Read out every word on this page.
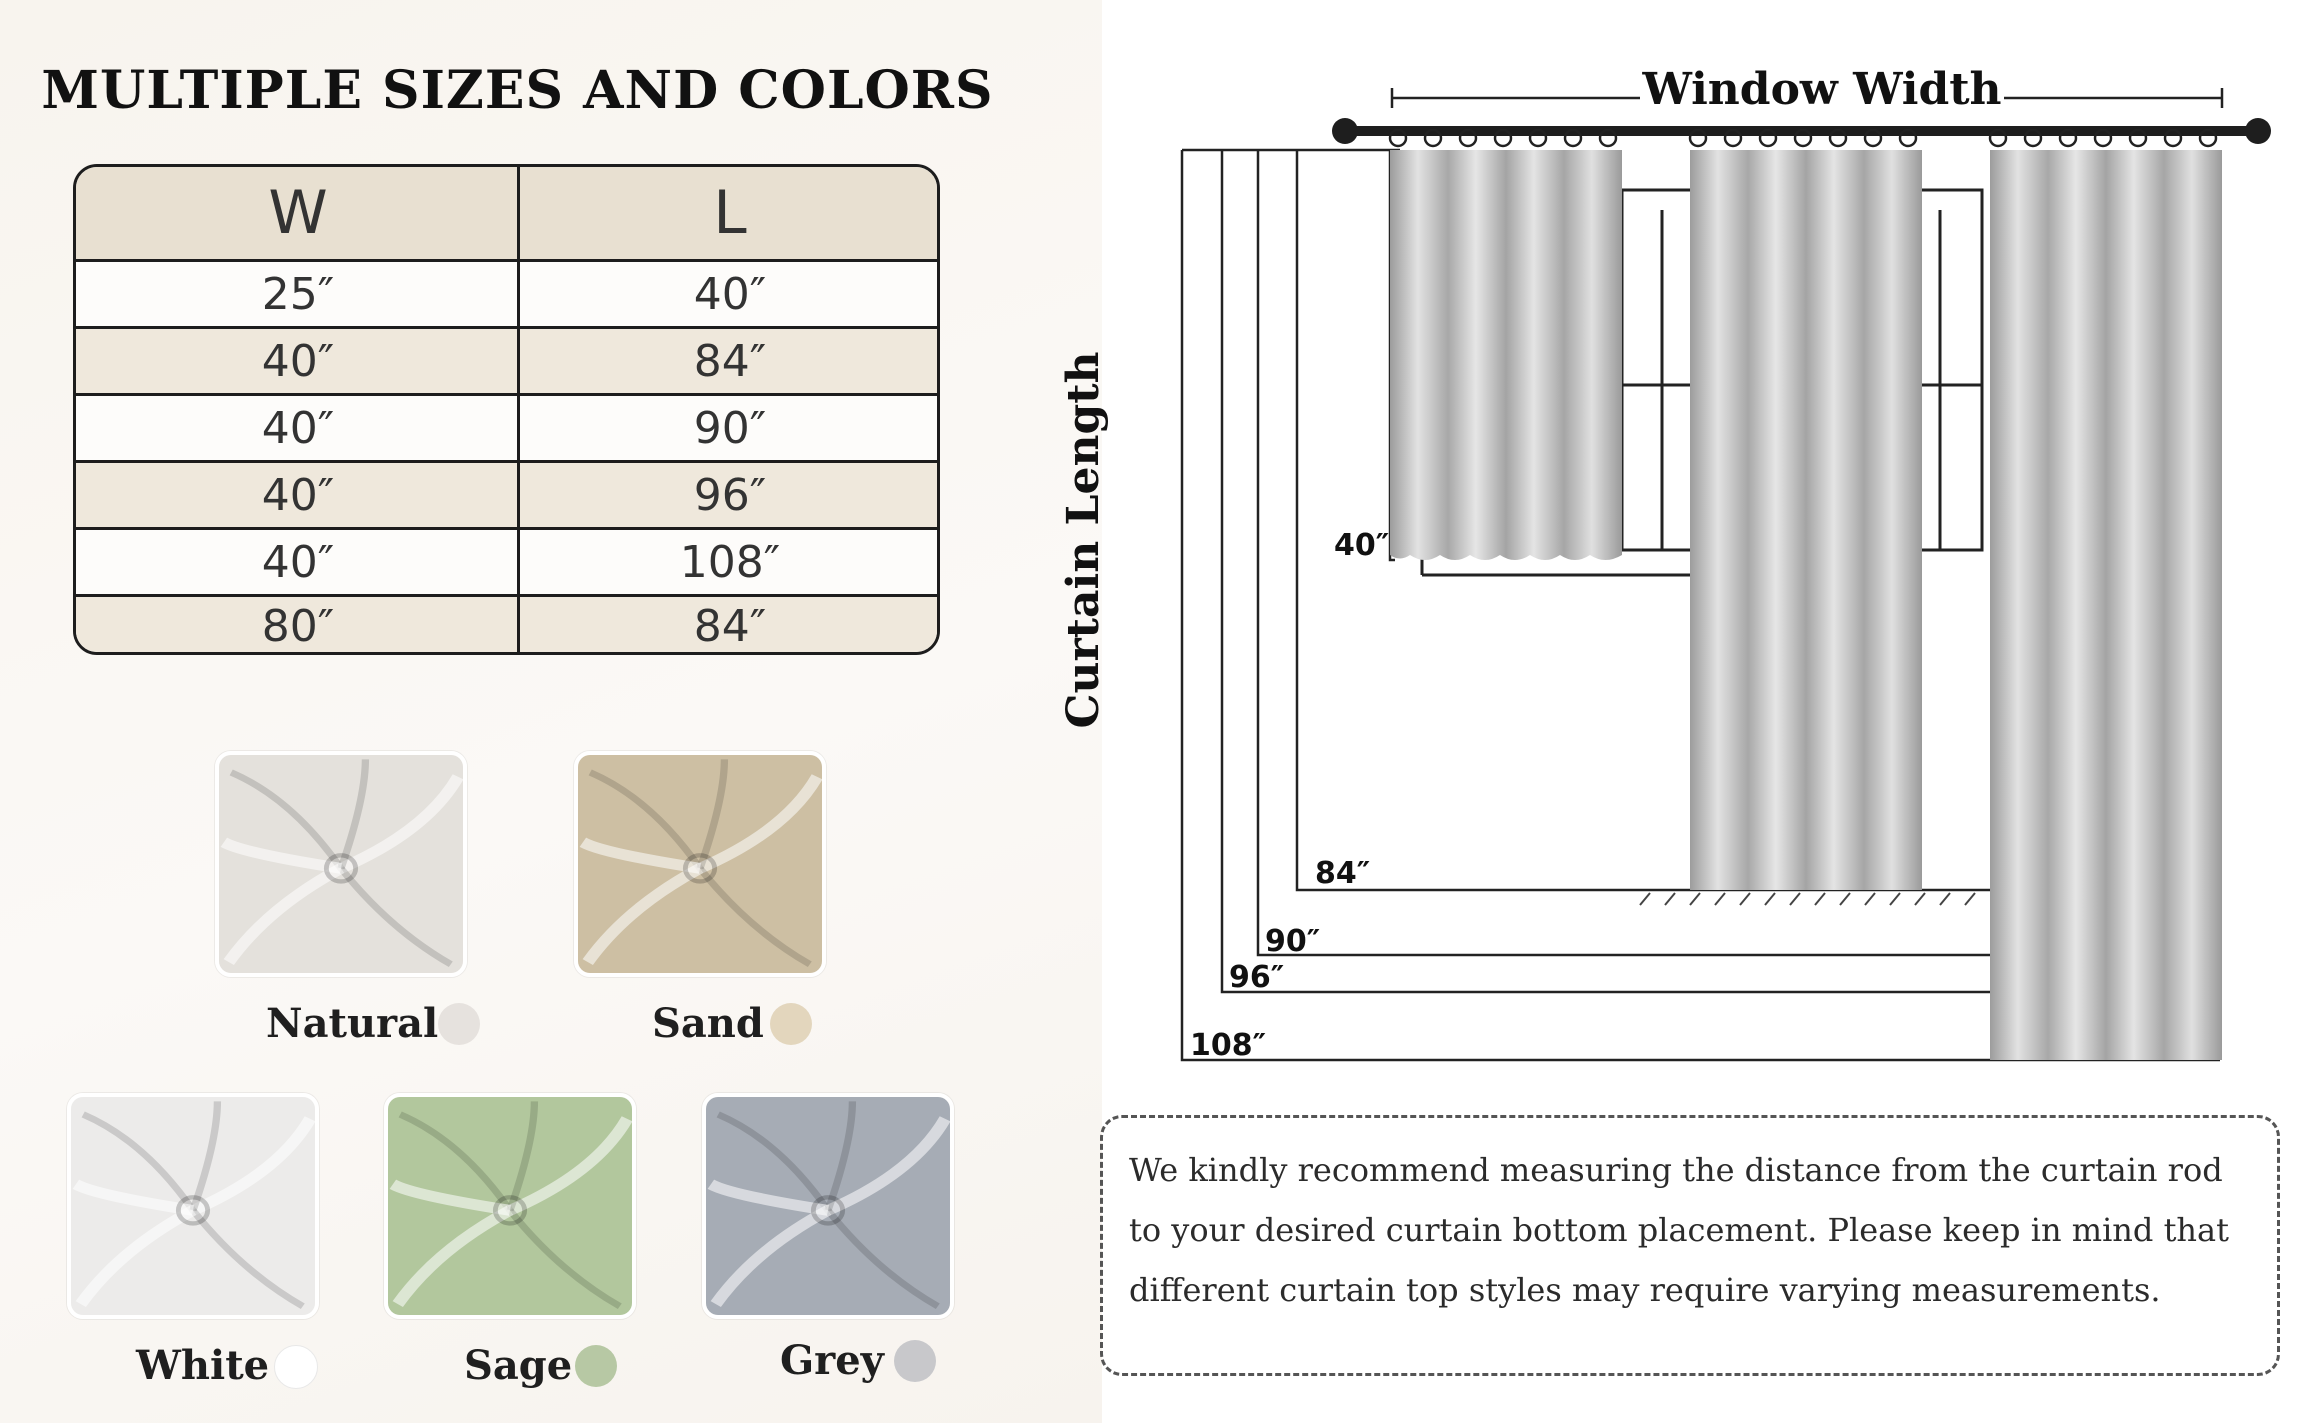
MULTIPLE SIZES AND COLORS
W	L
25″	40″
40″	84″
40″	90″
40″	96″
40″	108″
80″	84″
Natural	Sand
White	Sage	Grey
Window Width
40″
84″
90″
96″
108″
Curtain Length
We kindly recommend measuring the distance from the curtain rod to your desired curtain bottom placement. Please keep in mind that different curtain top styles may require varying measurements.
